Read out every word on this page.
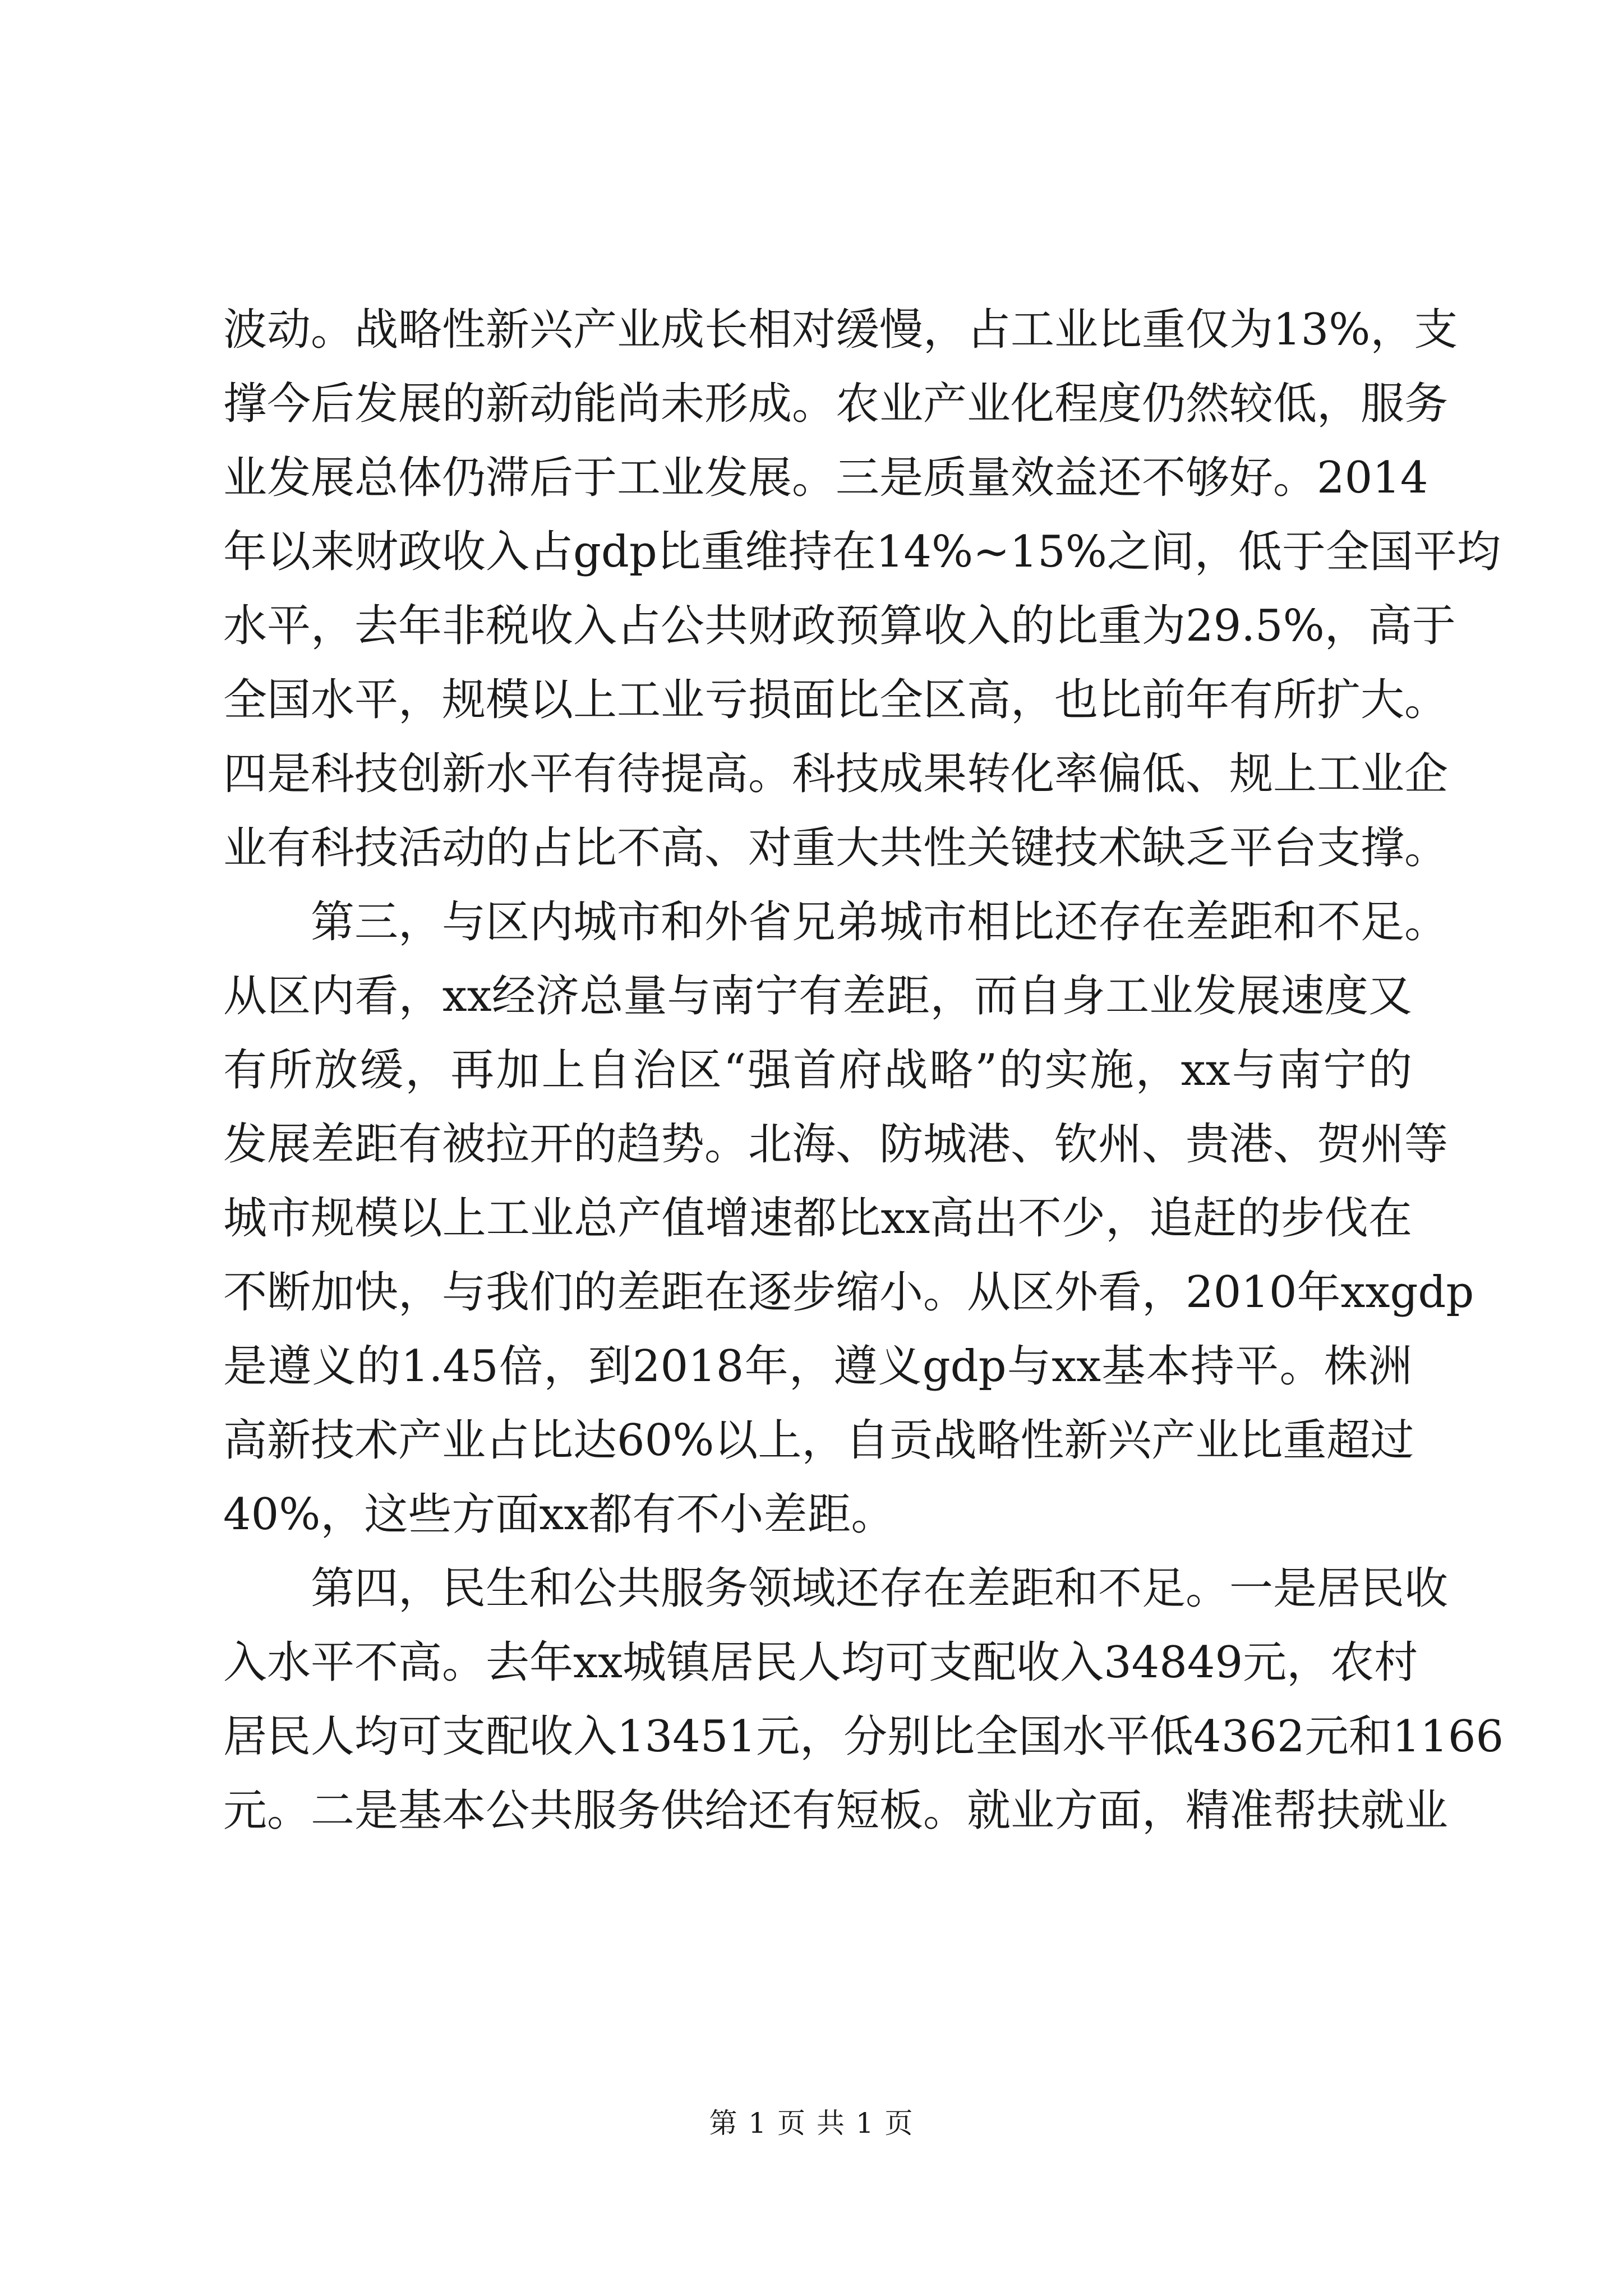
波动。战略性新兴产业成长相对缓慢，占工业比重仅为13%，支
撑今后发展的新动能尚未形成。农业产业化程度仍然较低，服务
业发展总体仍滞后于工业发展。三是质量效益还不够好。2014
年以来财政收入占gdp比重维持在14%~15%之间，低于全国平均
水平，去年非税收入占公共财政预算收入的比重为29.5%，高于
全国水平，规模以上工业亏损面比全区高，也比前年有所扩大。
四是科技创新水平有待提高。科技成果转化率偏低、规上工业企
业有科技活动的占比不高、对重大共性关键技术缺乏平台支撑。
第三，与区内城市和外省兄弟城市相比还存在差距和不足。
从区内看，xx经济总量与南宁有差距，而自身工业发展速度又
有所放缓，再加上自治区“强首府战略”的实施，xx与南宁的
发展差距有被拉开的趋势。北海、防城港、钦州、贵港、贺州等
城市规模以上工业总产值增速都比xx高出不少，追赶的步伐在
不断加快，与我们的差距在逐步缩小。从区外看，2010年xxgdp
是遵义的1.45倍，到2018年，遵义gdp与xx基本持平。株洲
高新技术产业占比达60%以上，自贡战略性新兴产业比重超过
40%，这些方面xx都有不小差距。
第四，民生和公共服务领域还存在差距和不足。一是居民收
入水平不高。去年xx城镇居民人均可支配收入34849元，农村
居民人均可支配收入13451元，分别比全国水平低4362元和1166
元。二是基本公共服务供给还有短板。就业方面，精准帮扶就业
第 1 页 共 1 页
